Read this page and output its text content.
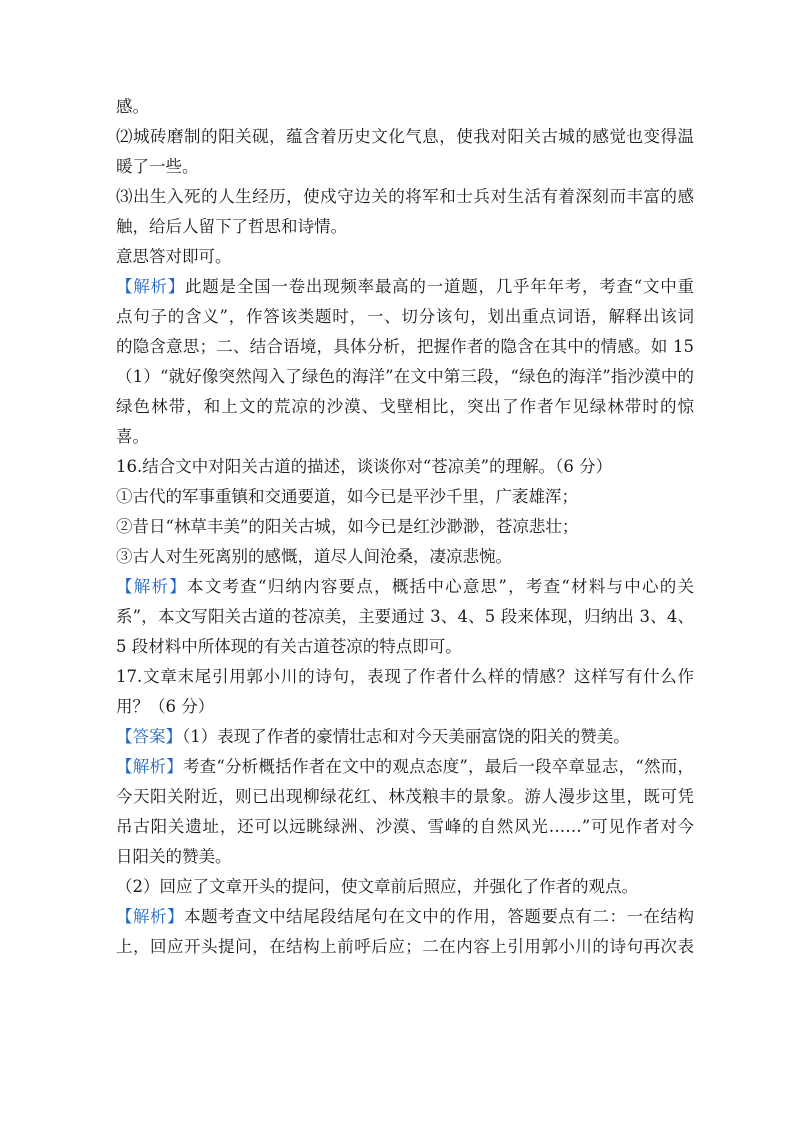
感。
⑵城砖磨制的阳关砚，蕴含着历史文化气息，使我对阳关古城的感觉也变得温
暖了一些。
⑶出生入死的人生经历，使戍守边关的将军和士兵对生活有着深刻而丰富的感
触，给后人留下了哲思和诗情。
意思答对即可。
【解析】此题是全国一卷出现频率最高的一道题，几乎年年考，考查“文中重
点句子的含义”，作答该类题时，一、切分该句，划出重点词语，解释出该词
的隐含意思；二、结合语境，具体分析，把握作者的隐含在其中的情感。如 15
（1）“就好像突然闯入了绿色的海洋”在文中第三段，“绿色的海洋”指沙漠中的
绿色林带，和上文的荒凉的沙漠、戈壁相比，突出了作者乍见绿林带时的惊
喜。
16.结合文中对阳关古道的描述，谈谈你对“苍凉美”的理解。（6 分）
①古代的军事重镇和交通要道，如今已是平沙千里，广袤雄浑；
②昔日“林草丰美”的阳关古城，如今已是红沙渺渺，苍凉悲壮；
③古人对生死离别的感慨，道尽人间沧桑，凄凉悲惋。
【解析】本文考查“归纳内容要点，概括中心意思”，考查“材料与中心的关
系”，本文写阳关古道的苍凉美，主要通过 3、4、5 段来体现，归纳出 3、4、
5 段材料中所体现的有关古道苍凉的特点即可。
17.文章末尾引用郭小川的诗句，表现了作者什么样的情感？这样写有什么作
用？（6 分）
【答案】（1）表现了作者的豪情壮志和对今天美丽富饶的阳关的赞美。
【解析】考查“分析概括作者在文中的观点态度”，最后一段卒章显志，“然而，
今天阳关附近，则已出现柳绿花红、林茂粮丰的景象。游人漫步这里，既可凭
吊古阳关遗址，还可以远眺绿洲、沙漠、雪峰的自然风光……”可见作者对今
日阳关的赞美。
（2）回应了文章开头的提问，使文章前后照应，并强化了作者的观点。
【解析】本题考查文中结尾段结尾句在文中的作用，答题要点有二：一在结构
上，回应开头提问，在结构上前呼后应；二在内容上引用郭小川的诗句再次表
